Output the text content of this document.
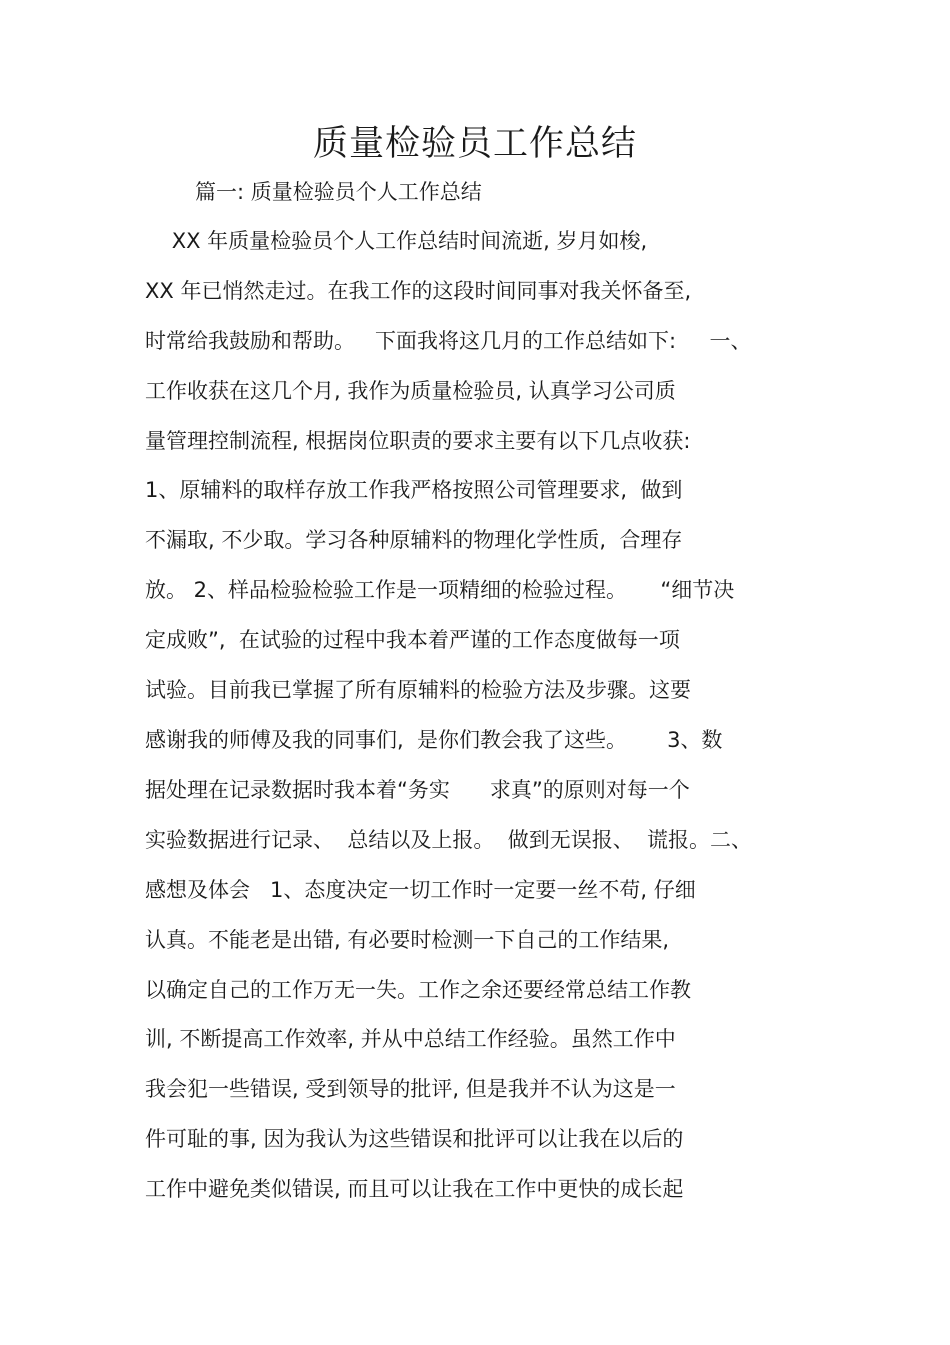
质量检验员工作总结
篇一: 质量检验员个人工作总结
XX 年质量检验员个人工作总结时间流逝, 岁月如梭,
XX 年已悄然走过。在我工作的这段时间同事对我关怀备至,
时常给我鼓励和帮助。   下面我将这几月的工作总结如下:     一、
工作收获在这几个月, 我作为质量检验员, 认真学习公司质
量管理控制流程, 根据岗位职责的要求主要有以下几点收获:
1、原辅料的取样存放工作我严格按照公司管理要求,  做到
不漏取, 不少取。学习各种原辅料的物理化学性质,  合理存
放。 2、样品检验检验工作是一项精细的检验过程。     “细节决
定成败”,  在试验的过程中我本着严谨的工作态度做每一项
试验。目前我已掌握了所有原辅料的检验方法及步骤。这要
感谢我的师傅及我的同事们,  是你们教会我了这些。      3、数
据处理在记录数据时我本着“务实      求真”的原则对每一个
实验数据进行记录、  总结以及上报。  做到无误报、  谎报。二、
感想及体会   1、态度决定一切工作时一定要一丝不苟, 仔细
认真。不能老是出错, 有必要时检测一下自己的工作结果,
以确定自己的工作万无一失。工作之余还要经常总结工作教
训, 不断提高工作效率, 并从中总结工作经验。虽然工作中
我会犯一些错误, 受到领导的批评, 但是我并不认为这是一
件可耻的事, 因为我认为这些错误和批评可以让我在以后的
工作中避免类似错误, 而且可以让我在工作中更快的成长起
